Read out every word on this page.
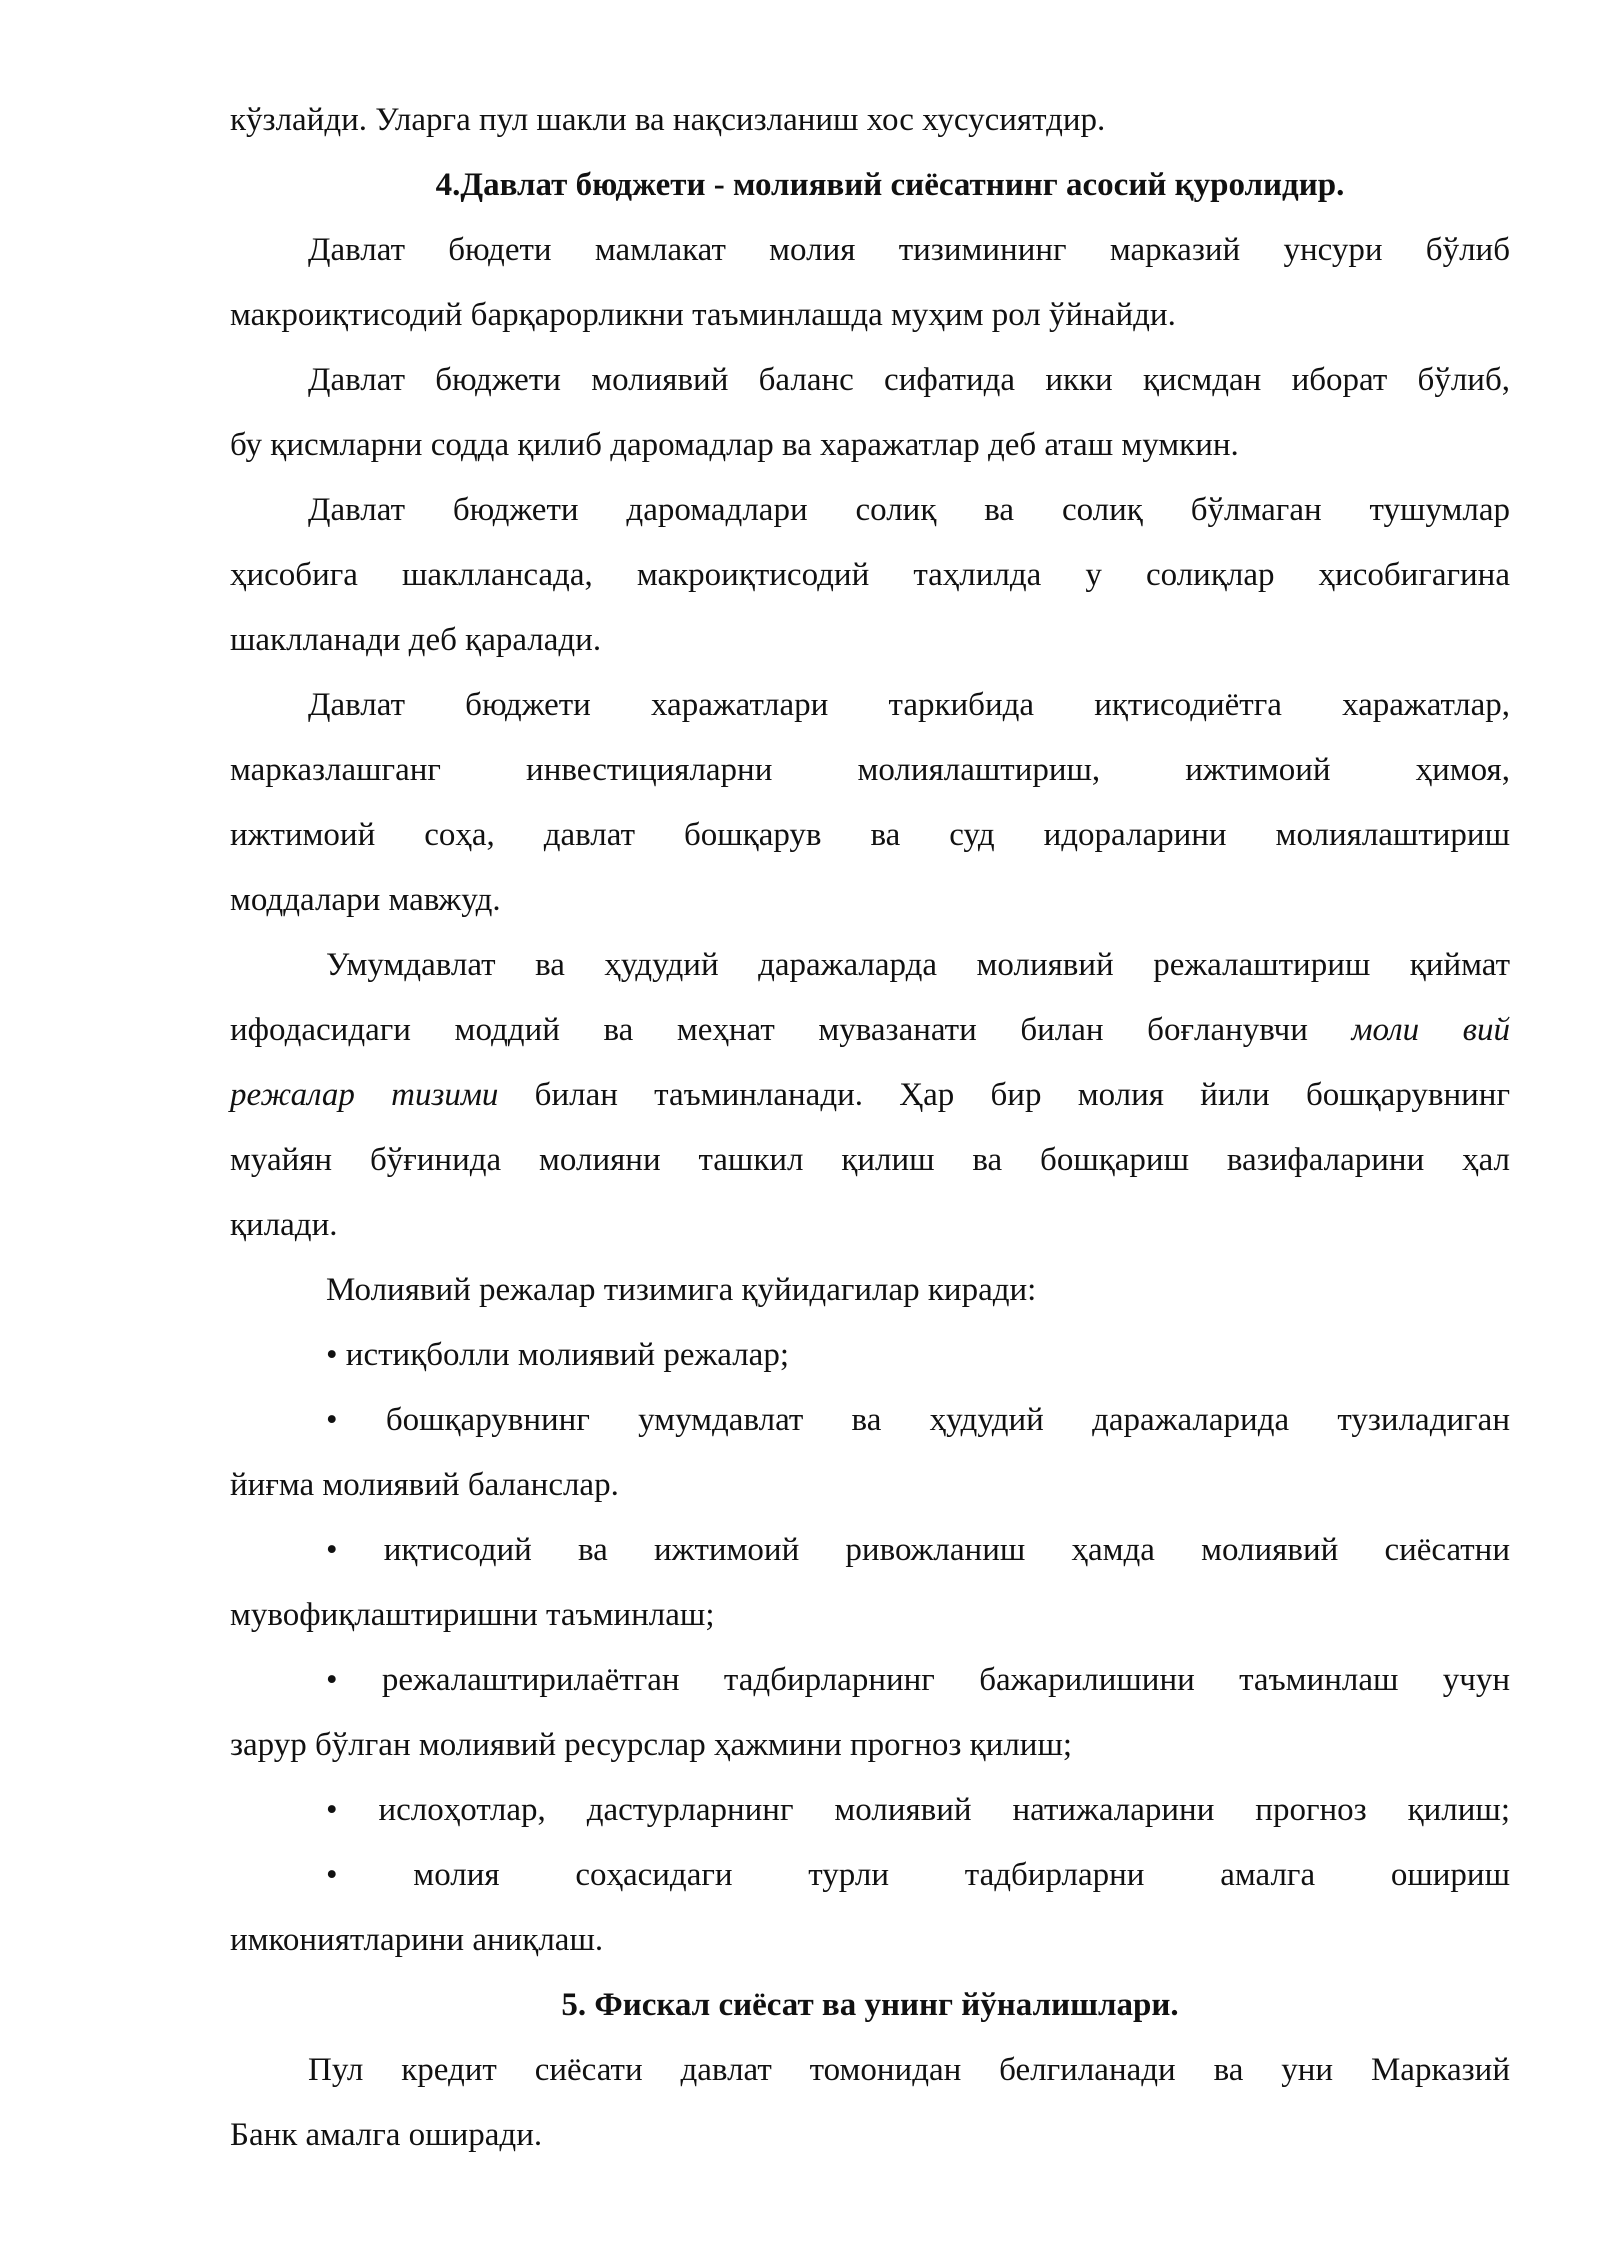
кўзлайди. Уларга пул шакли ва нақсизланиш хос хусусиятдир.
4.Давлат бюджети - молиявий сиёсатнинг асосий қуролидир.
Давлат бюдети мамлакат молия тизимининг марказий унсури бўлиб
макроиқтисодий барқарорликни таъминлашда муҳим рол ўйнайди.
Давлат бюджети молиявий баланс сифатида икки қисмдан иборат бўлиб,
бу қисмларни содда қилиб даромадлар ва харажатлар деб аташ мумкин.
Давлат бюджети даромадлари солиқ ва солиқ бўлмаган тушумлар
ҳисобига шакллансада, макроиқтисодий таҳлилда у солиқлар ҳисобигагина
шаклланади деб қаралади.
Давлат бюджети харажатлари таркибида иқтисодиётга харажатлар,
марказлашганг инвестицияларни молиялаштириш, ижтимоий ҳимоя,
ижтимоий соҳа, давлат бошқарув ва суд идораларини молиялаштириш
моддалари мавжуд.
Умумдавлат ва ҳудудий даражаларда молиявий режалаштириш қиймат
ифодасидаги моддий ва меҳнат мувазанати билан боғланувчи моли вий
режалар тизими билан таъминланади. Ҳар бир молия йили бошқарувнинг
муайян бўғинида молияни ташкил қилиш ва бошқариш вазифаларини ҳал
қилади.
Молиявий режалар тизимига қуйидагилар киради:
• истиқболли молиявий режалар;
• бошқарувнинг умумдавлат ва ҳудудий даражаларида тузиладиган
йиғма молиявий баланслар.
• иқтисодий ва ижтимоий ривожланиш ҳамда молиявий сиёсатни
мувофиқлаштиришни таъминлаш;
• режалаштирилаётган тадбирларнинг бажарилишини таъминлаш учун
зарур бўлган молиявий ресурслар ҳажмини прогноз қилиш;
• ислоҳотлар, дастурларнинг молиявий натижаларини прогноз қилиш;
• молия соҳасидаги турли тадбирларни амалга ошириш
имкониятларини аниқлаш.
5. Фискал сиёсат ва унинг йўналишлари.
Пул кредит сиёсати давлат томонидан белгиланади ва уни Марказий
Банк амалга оширади.
